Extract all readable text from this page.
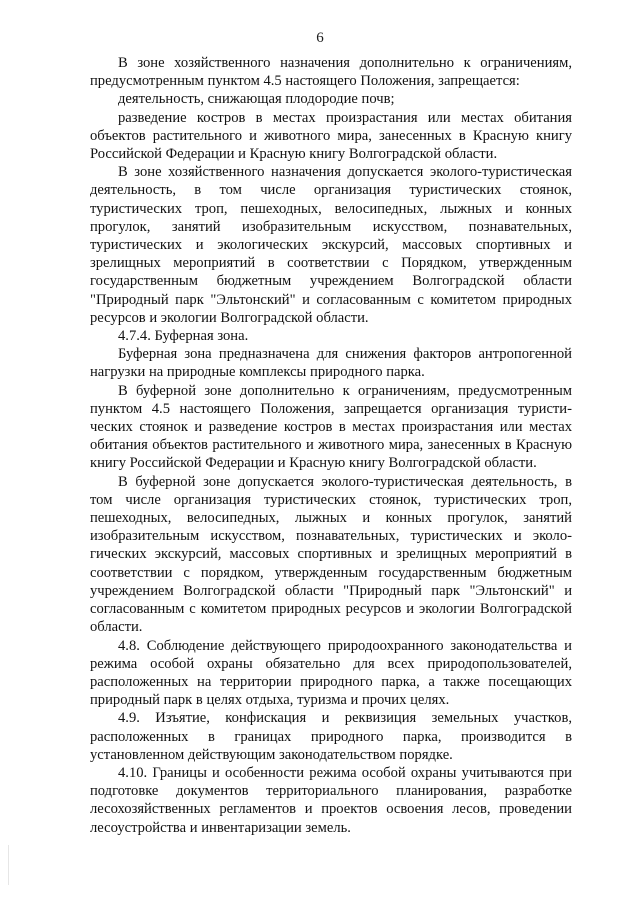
6

В зоне хозяйственного назначения дополнительно к ограничениям, предусмотренным пунктом 4.5 настоящего Положения, запрещается:

деятельность, снижающая плодородие почв;

разведение костров в местах произрастания или местах обитания объектов растительного и животного мира, занесенных в Красную книгу Российской Федерации и Красную книгу Волгоградской области.

В зоне хозяйственного назначения допускается эколого-туристическая деятельность, в том числе организация туристических стоянок, туристических троп, пешеходных, велосипедных, лыжных и конных прогулок, занятий изобразительным искусством, познавательных, туристических и экологических экскурсий, массовых спортивных и зрелищных мероприятий в соответствии с Порядком, утвержденным государственным бюджетным учреждением Волгоградской области "Природный парк "Эльтонский" и согласованным с комитетом природных ресурсов и экологии Волгоградской области.

4.7.4. Буферная зона.

Буферная зона предназначена для снижения факторов антропогенной нагрузки на природные комплексы природного парка.

В буферной зоне дополнительно к ограничениям, предусмотренным пунктом 4.5 настоящего Положения, запрещается организация туристических стоянок и разведение костров в местах произрастания или местах обитания объектов растительного и животного мира, занесенных в Красную книгу Российской Федерации и Красную книгу Волгоградской области.

В буферной зоне допускается эколого-туристическая деятельность, в том числе организация туристических стоянок, туристических троп, пешеходных, велосипедных, лыжных и конных прогулок, занятий изобразительным искусством, познавательных, туристических и экологических экскурсий, массовых спортивных и зрелищных мероприятий в соответствии с порядком, утвержденным государственным бюджетным учреждением Волгоградской области "Природный парк "Эльтонский" и согласованным с комитетом природных ресурсов и экологии Волгоградской области.

4.8. Соблюдение действующего природоохранного законодательства и режима особой охраны обязательно для всех природопользователей, расположенных на территории природного парка, а также посещающих природный парк в целях отдыха, туризма и прочих целях.

4.9. Изъятие, конфискация и реквизиция земельных участков, расположенных в границах природного парка, производится в установленном действующим законодательством порядке.

4.10. Границы и особенности режима особой охраны учитываются при подготовке документов территориального планирования, разработке лесохозяйственных регламентов и проектов освоения лесов, проведении лесоустройства и инвентаризации земель.
